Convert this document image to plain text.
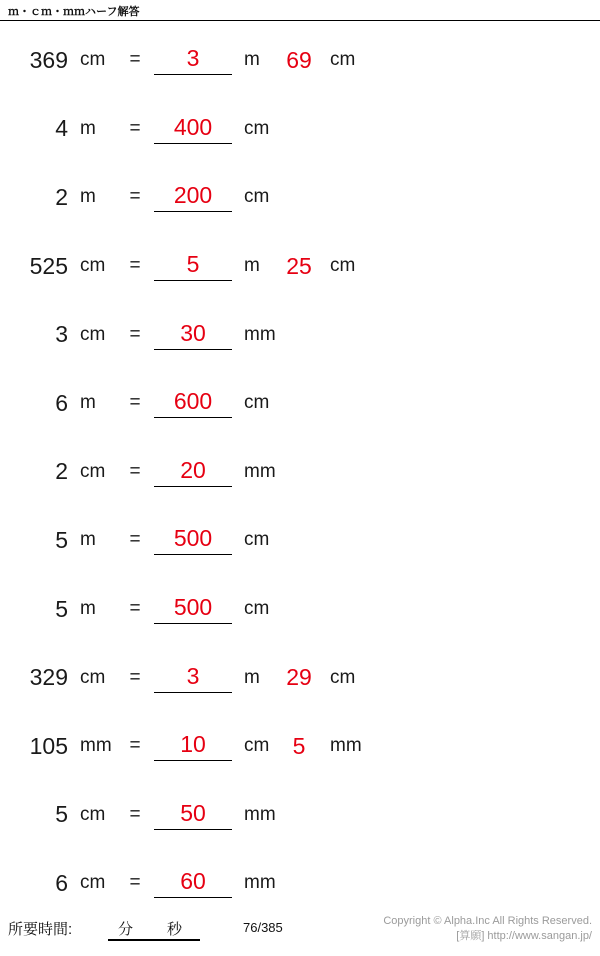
ｍ・ｃｍ・ｍｍハーフ解答
369 cm	=	3	m	69 cm
4 m	=	400	cm
2 m	=	200	cm
525 cm	=	5	m	25 cm
3 cm	=	30	mm
6 m	=	600	cm
2 cm	=	20	mm
5 m	=	500	cm
5 m	=	500	cm
329 cm	=	3	m	29 cm
105 mm =	10	cm	5	mm
5 cm	=	50	mm
6 cm	=	60	mm
所要時間:	分 秒	76/385	Copyright © Alpha.Inc All Rights Reserved.
[算願] http://www.sangan.jp/
